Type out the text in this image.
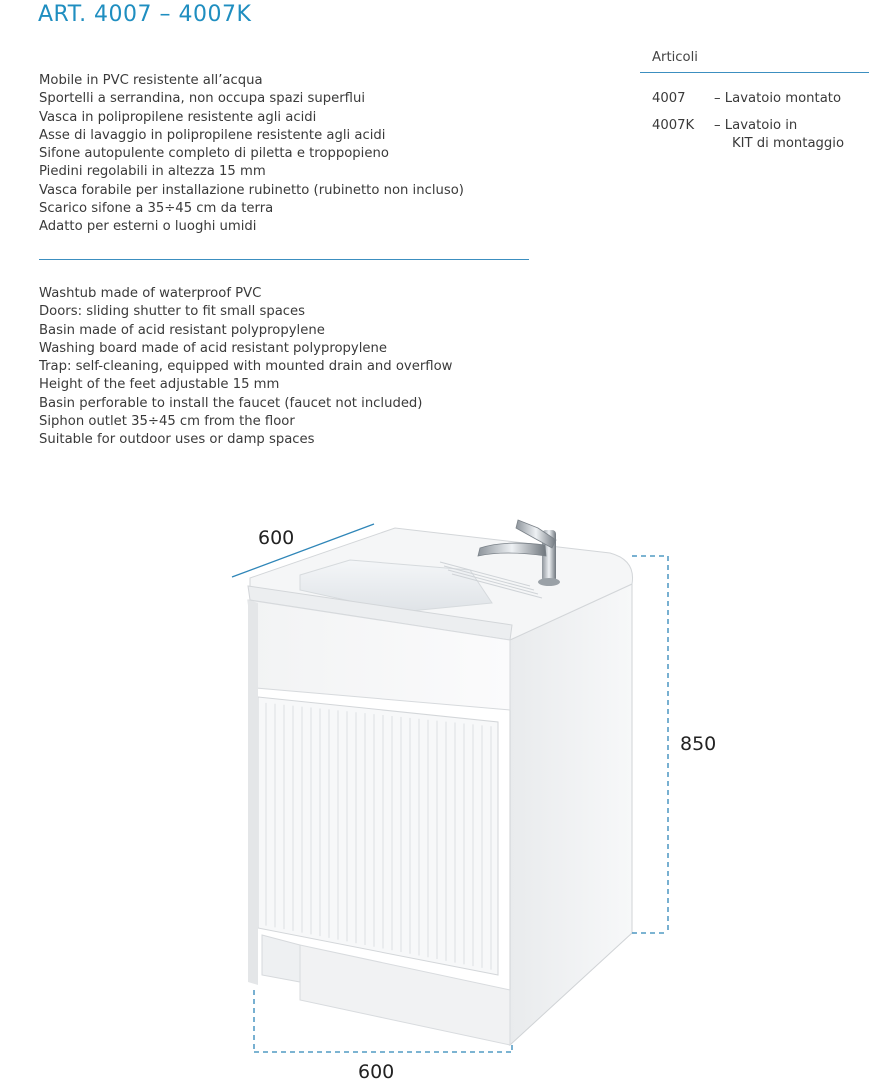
ART. 4007 – 4007K
Mobile in PVC resistente all’acqua
Sportelli a serrandina, non occupa spazi superflui
Vasca in polipropilene resistente agli acidi
Asse di lavaggio in polipropilene resistente agli acidi
Sifone autopulente completo di piletta e troppopieno
Piedini regolabili in altezza 15 mm
Vasca forabile per installazione rubinetto (rubinetto non incluso)
Scarico sifone a 35÷45 cm da terra
Adatto per esterni o luoghi umidi
Washtub made of waterproof PVC
Doors: sliding shutter to fit small spaces
Basin made of acid resistant polypropylene
Washing board made of acid resistant polypropylene
Trap: self-cleaning, equipped with mounted drain and overflow
Height of the feet adjustable 15 mm
Basin perforable to install the faucet (faucet not included)
Siphon outlet 35÷45 cm from the floor
Suitable for outdoor uses or damp spaces
Articoli
4007 – Lavatoio montato
4007K – Lavatoio in
KIT di montaggio
600
850
600
